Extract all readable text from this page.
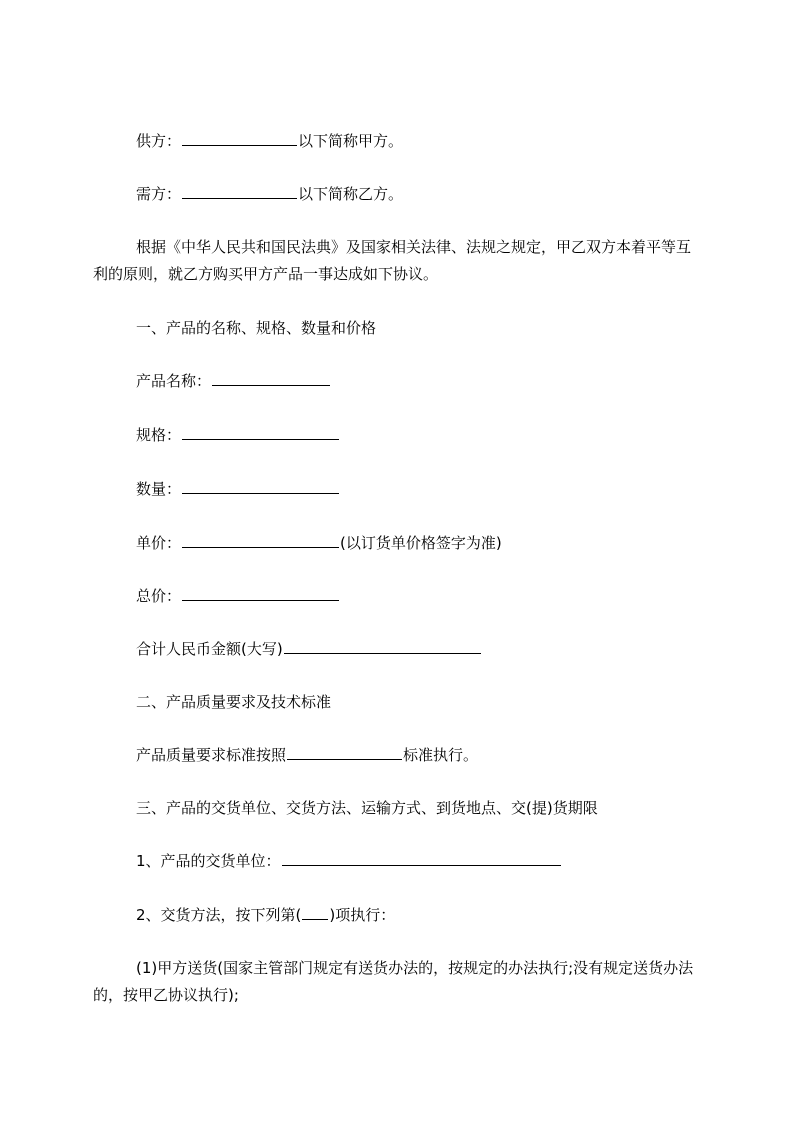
供方：	以下简称甲方。
需方：	以下简称乙方。
根据《中华人民共和国民法典》及国家相关法律、法规之规定，甲乙双方本着平等互利的原则，就乙方购买甲方产品一事达成如下协议。
一、产品的名称、规格、数量和价格
产品名称：
规格：
数量：
单价：	(以订货单价格签字为准)
总价：
合计人民币金额(大写)
二、产品质量要求及技术标准
产品质量要求标准按照	标准执行。
三、产品的交货单位、交货方法、运输方式、到货地点、交(提)货期限
1、产品的交货单位：
2、交货方法，按下列第( )项执行：
(1)甲方送货(国家主管部门规定有送货办法的，按规定的办法执行;没有规定送货办法的，按甲乙协议执行);
